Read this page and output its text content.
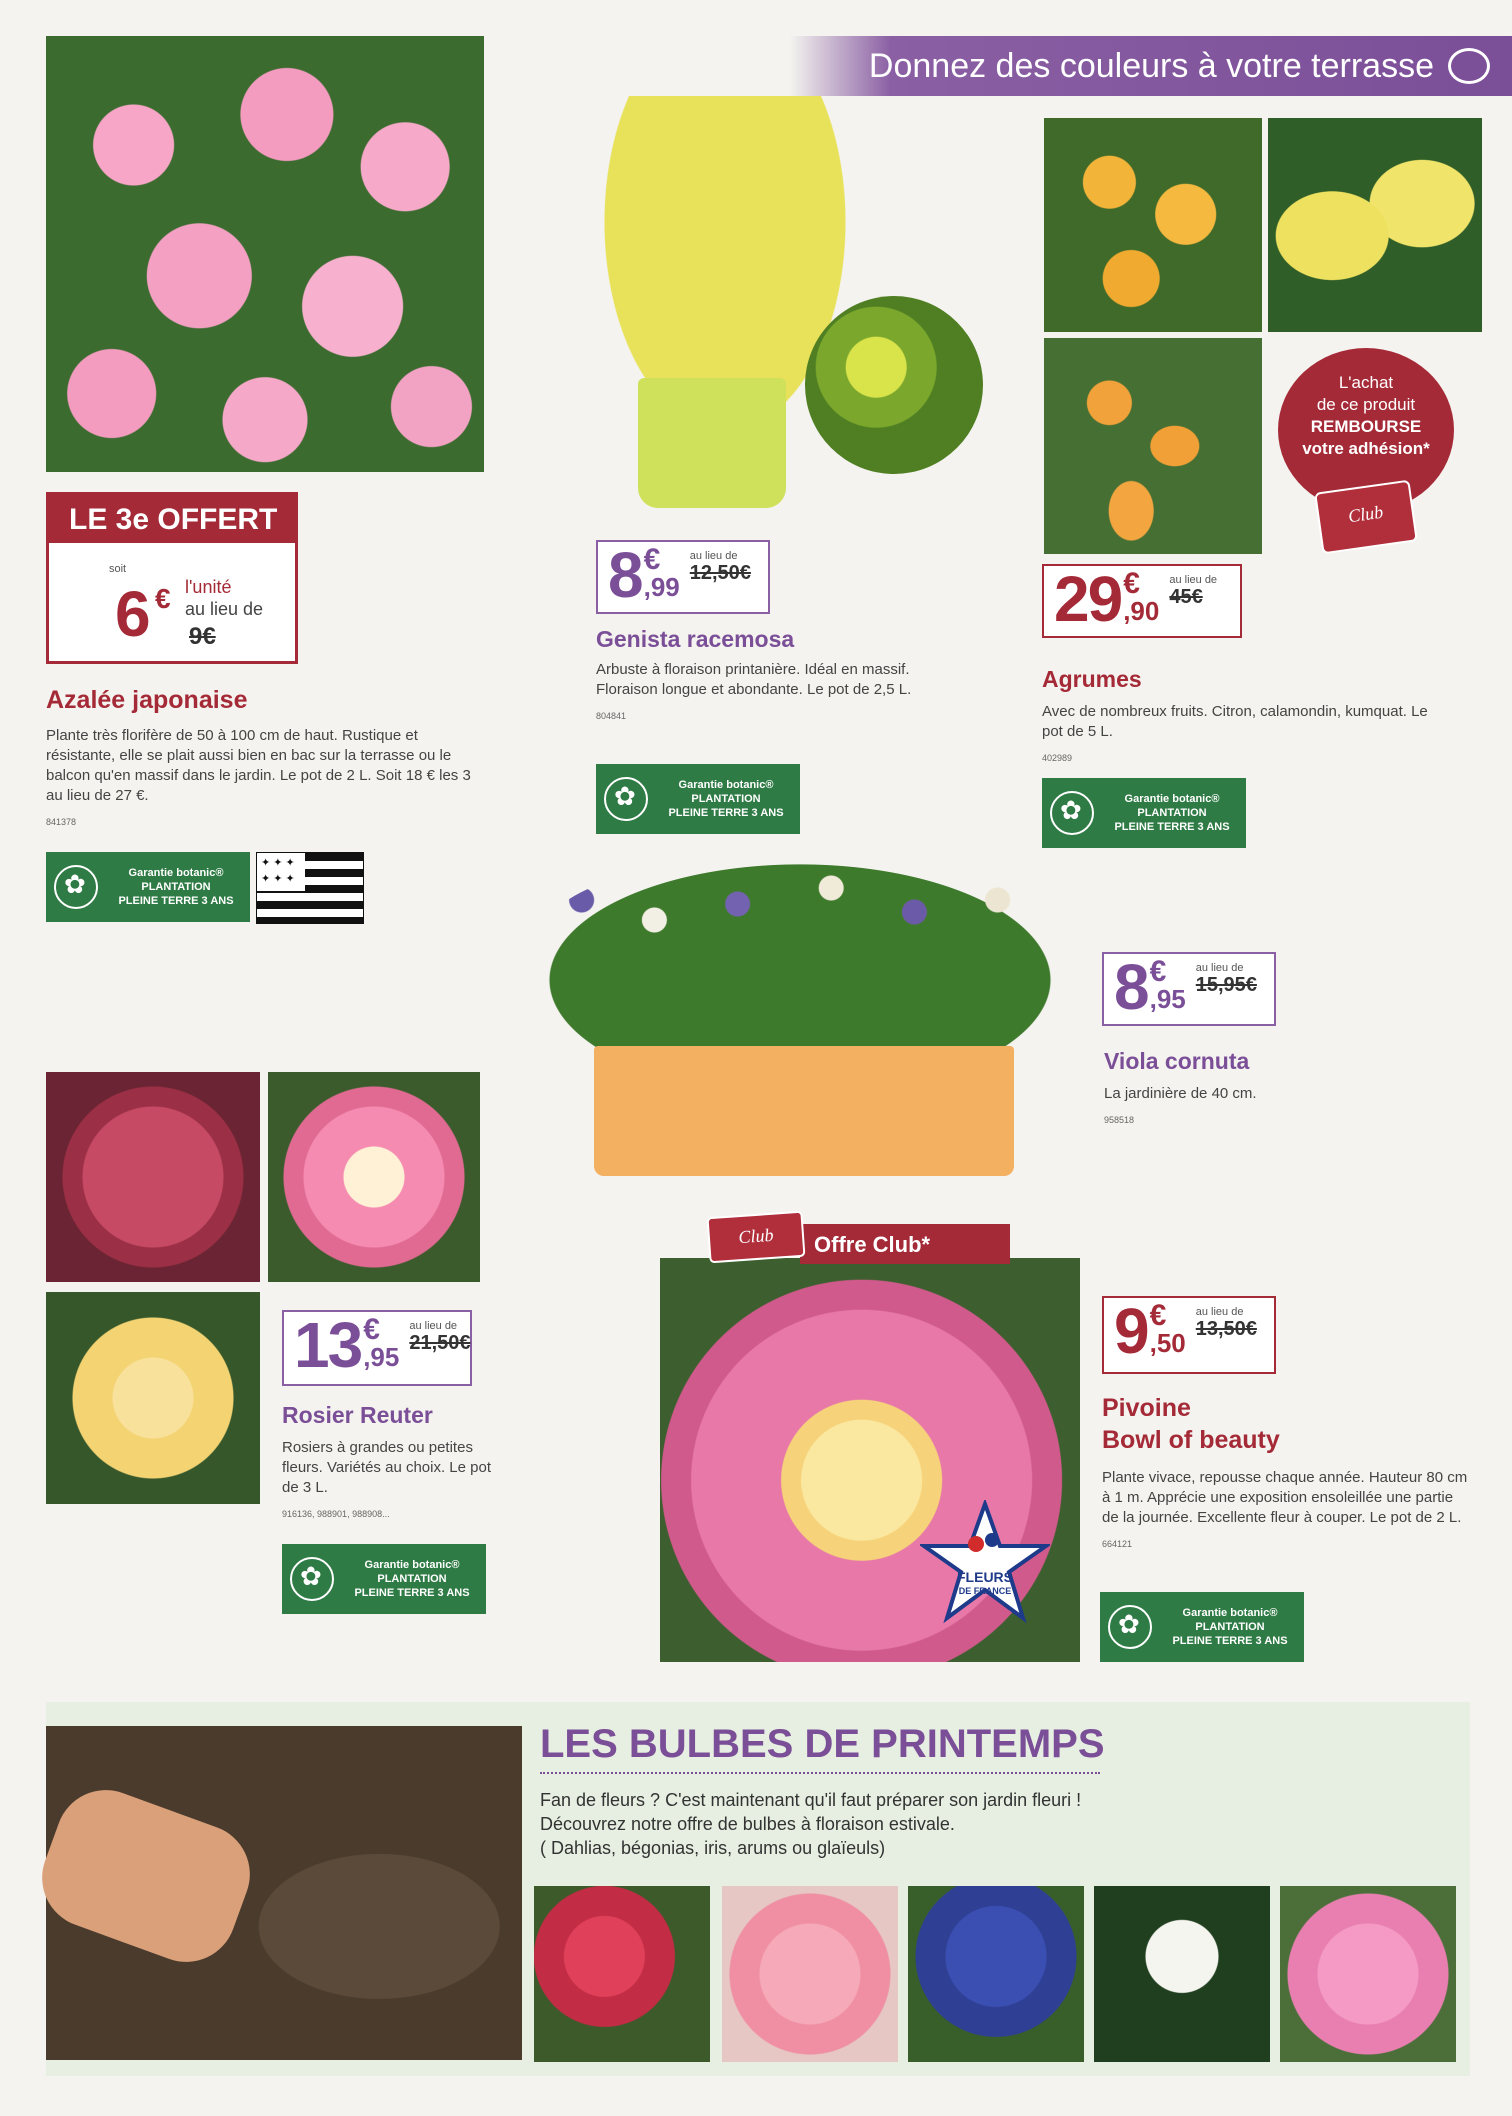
Donnez des couleurs à votre terrasse
LE 3e OFFERT
soit
6 € l'unité
au lieu de
9€
Azalée japonaise
Plante très florifère de 50 à 100 cm de haut. Rustique et résistante, elle se plait aussi bien en bac sur la terrasse ou le balcon qu'en massif dans le jardin. Le pot de 2 L. Soit 18 € les 3 au lieu de 27 €.
841378
✿
Garantie botanic®
PLANTATION
PLEINE TERRE 3 ANS
✦ ✦ ✦ ✦ ✦ ✦
8 €
,99
au lieu de
12,50€
Genista racemosa
Arbuste à floraison printanière. Idéal en massif. Floraison longue et abondante. Le pot de 2,5 L.
804841
✿
Garantie botanic®
PLANTATION
PLEINE TERRE 3 ANS
L'achat
de ce produit
REMBOURSE
votre adhésion*
Club
29 €
,90
au lieu de
45€
Agrumes
Avec de nombreux fruits. Citron, calamondin, kumquat. Le pot de 5 L.
402989
✿
Garantie botanic®
PLANTATION
PLEINE TERRE 3 ANS
8 €
,95
au lieu de
15,95€
Viola cornuta
La jardinière de 40 cm.
958518
13 €
,95
au lieu de
21,50€
Rosier Reuter
Rosiers à grandes ou petites fleurs. Variétés au choix. Le pot de 3 L.
916136, 988901, 988908...
✿
Garantie botanic®
PLANTATION
PLEINE TERRE 3 ANS
Offre Club*
Club
FLEURS
DE FRANCE
9 €
,50
au lieu de
13,50€
Pivoine
Bowl of beauty
Plante vivace, repousse chaque année. Hauteur 80 cm à 1 m. Apprécie une exposition ensoleillée une partie de la journée. Excellente fleur à couper. Le pot de 2 L.
664121
✿
Garantie botanic®
PLANTATION
PLEINE TERRE 3 ANS
LES BULBES DE PRINTEMPS
Fan de fleurs ? C'est maintenant qu'il faut préparer son jardin fleuri !
Découvrez notre offre de bulbes à floraison estivale.
( Dahlias, bégonias, iris, arums ou glaïeuls)
